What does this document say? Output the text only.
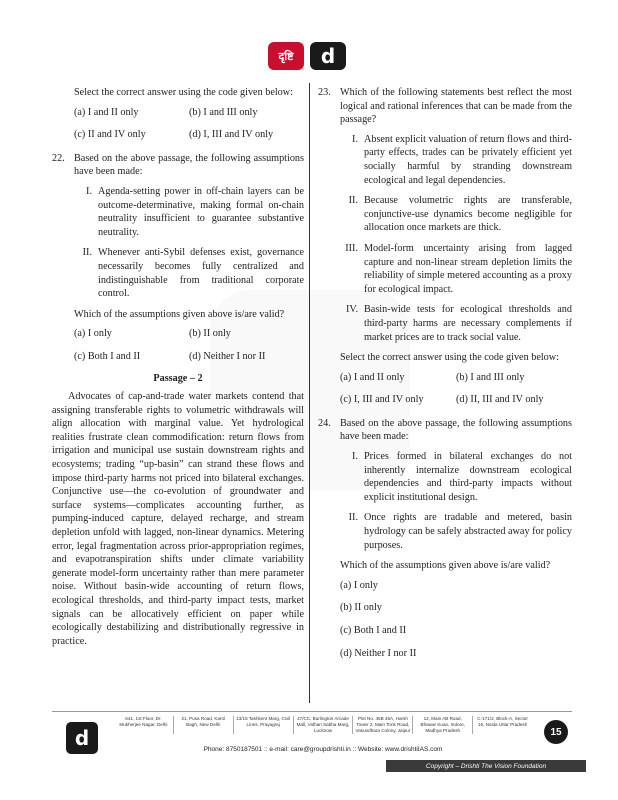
दृष्टि	d

Select the correct answer using the code given below:

(a) I and II only	(b) I and III only
(c) II and IV only	(d) I, III and IV only
22. Based on the above passage, the following assumptions have been made:
I. Agenda-setting power in off-chain layers can be outcome-determinative, making formal on-chain neutrality insufficient to guarantee substantive neutrality.
II. Whenever anti-Sybil defenses exist, governance necessarily becomes fully centralized and indistinguishable from traditional corporate control.

Which of the assumptions given above is/are valid?

(a) I only	(b) II only
(c) Both I and II	(d) Neither I nor II
Passage – 2

Advocates of cap-and-trade water markets contend that assigning transferable rights to volumetric withdrawals will align allocation with marginal value. Yet hydrological realities frustrate clean commodification: return flows from irrigation and municipal use sustain downstream rights and ecosystems; trading “up-basin” can strand these flows and impose third-party harms not priced into bilateral exchanges. Conjunctive use—the co-evolution of groundwater and surface systems—complicates accounting further, as pumping-induced capture, delayed recharge, and stream depletion unfold with lagged, non-linear dynamics. Metering error, legal fragmentation across prior-appropriation regimes, and evapotranspiration shifts under climate variability generate model-form uncertainty rather than mere parameter noise. Without basin-wide accounting of return flows, ecological thresholds, and third-party impact tests, market signals can be allocatively efficient on paper while ecologically destabilizing and distributionally regressive in practice.

23. Which of the following statements best reflect the most logical and rational inferences that can be made from the passage?
I. Absent explicit valuation of return flows and third-party effects, trades can be privately efficient yet socially harmful by stranding downstream ecological and legal dependencies.
II. Because volumetric rights are transferable, conjunctive-use dynamics become negligible for allocation once markets are thick.
III. Model-form uncertainty arising from lagged capture and non-linear stream depletion limits the reliability of simple metered accounting as a proxy for ecological impact.
IV. Basin-wide tests for ecological thresholds and third-party harms are necessary complements if market prices are to track social value.

Select the correct answer using the code given below:

(a) I and II only	(b) I and III only
(c) I, III and IV only	(d) II, III and IV only
24. Based on the above passage, the following assumptions have been made:
I. Prices formed in bilateral exchanges do not inherently internalize downstream ecological dependencies and third-party impacts without explicit institutional design.
II. Once rights are tradable and metered, basin hydrology can be safely abstracted away for policy purposes.

Which of the assumptions given above is/are valid?

(a) I only
(b) II only
(c) Both I and II
(d) Neither I nor II
d
641, 1st Floor, Dr. Mukherjee Nagar, Delhi
21, Pusa Road, Karol Bagh, New Delhi
13/15 Tashkent Marg, Civil Lines, Prayagraj
47/CC, Burlington Arcade Mall, Vidhan Sabha Marg, Lucknow
Plot No. 45B 45A, Harsh Tower 2, Main Tonk Road, Vasundhara Colony, Jaipur
12, Main AB Road, Bhawar Kuan, Indore, Madhya Pradesh
C-171/2, Block-A, Sector 15, Noida Uttar Pradesh
Phone: 8750187501 :: e-mail: care@groupdrishti.in :: Website: www.drishtiIAS.com
15
Copyright – Drishti The Vision Foundation
